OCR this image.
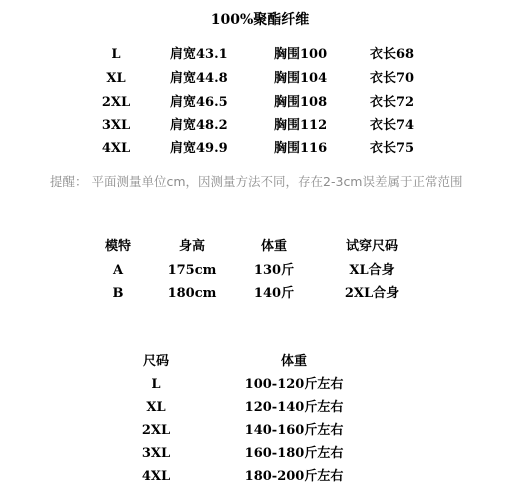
100%聚酯纤维
L	肩宽43.1	胸围100	衣长68
XL	肩宽44.8	胸围104	衣长70
2XL	肩宽46.5	胸围108	衣长72
3XL	肩宽48.2	胸围112	衣长74
4XL	肩宽49.9	胸围116	衣长75
提醒： 平面测量单位cm，因测量方法不同，存在2-3cm误差属于正常范围
模特	身高	体重	试穿尺码
A	175cm	130斤	XL合身
B	180cm	140斤	2XL合身
尺码	体重
L	100-120斤左右
XL	120-140斤左右
2XL	140-160斤左右
3XL	160-180斤左右
4XL	180-200斤左右
